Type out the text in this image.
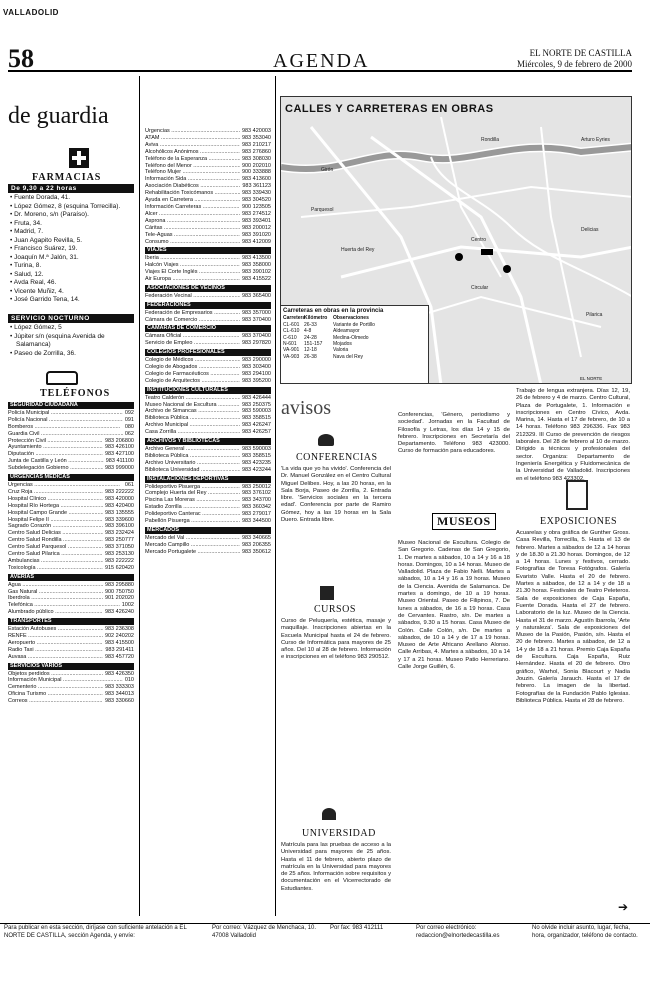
VALLADOLID
58	AGENDA	EL NORTE DE CASTILLA
Miércoles, 9 de febrero de 2000
de guardia
FARMACIAS
De 9,30 a 22 horas
• Fuente Dorada, 41.
• López Gómez, 8 (esquina Torrecilla).
• Dr. Moreno, s/n (Paraíso).
• Fruta, 34.
• Madrid, 7.
• Juan Agapito Revilla, 5.
• Francisco Suárez, 19.
• Joaquín M.ª Jalón, 31.
• Turina, 8.
• Salud, 12.
• Avda Real, 46.
• Vicente Muñiz, 4.
• José Garrido Tena, 14.
SERVICIO NOCTURNO
• López Gómez, 5
• Júpiter s/n (esquina Avenida de Salamanca)
• Paseo de Zorrilla, 36.
TELÉFONOS
SEGURIDAD CIUDADANA
Policía Municipal .....	092
Policía Nacional .....	091
Bomberos .....	080
Guardia Civil .....	062
Protección Civil .....	983 206800
Ayuntamiento .....	983 426100
Diputación .....	983 427100
Junta de Castilla y León .....	983 411100
Subdelegación Gobierno .....	983 999000
URGENCIAS MÉDICAS
Urgencias .....	061
Cruz Roja .....	983 222222
Hospital Clínico .....	983 420000
Hospital Río Hortega .....	983 420400
Hospital Campo Grande .....	983 135555
Hospital Felipe II .....	983 339600
Sagrado Corazón .....	983 396100
Centro Salud Delicias .....	983 232424
Centro Salud Rondilla .....	983 250777
Centro Salud Parquesol .....	983 371050
Centro Salud Pilarica .....	983 253130
Ambulancias .....	983 222222
Toxicología .....	915 620420
AVERÍAS
Agua .....	983 295880
Gas Natural .....	900 750750
Iberdrola .....	901 202020
Telefónica .....	1002
Alumbrado público .....	983 426240
TRANSPORTES
Estación Autobuses .....	983 236308
RENFE .....	902 240202
Aeropuerto .....	983 415500
Radio Taxi .....	983 291411
Auvasa .....	983 457720
SERVICIOS VARIOS
Objetos perdidos .....	983 426350
Información Municipal .....	010
Cementerio .....	983 333303
Oficina Turismo .....	983 344013
Correos .....	983 330660
Urgencias .....	983 420003
ATAM .....	983 353040
Aviva .....	983 210217
Alcohólicos Anónimos .....	983 276860
Teléfono de la Esperanza .....	983 308030
Teléfono del Menor .....	900 202010
Teléfono Mujer .....	900 333888
Información Sida .....	983 413600
Asociación Diabéticos .....	983 361123
Rehabilitación Toxicómanos .....	983 339430
Ayuda en Carretera .....	983 304520
Información Carreteras .....	900 123505
Alcer .....	983 274512
Asprona .....	983 393401
Cáritas .....	983 200012
Tele-Aguas .....	983 391020
Consumo .....	983 412009
VIAJES
Iberia .....	983 413500
Halcón Viajes .....	983 358000
Viajes El Corte Inglés .....	983 390102
Air Europa .....	983 415522
ASOCIACIONES DE VECINOS
Federación Vecinal .....	983 365400
FEDERACIONES
Federación de Empresarios .....	983 357000
Cámara de Comercio .....	983 370400
CÁMARAS DE COMERCIO
Cámara Oficial .....	983 370400
Servicio de Empleo .....	983 297820
COLEGIOS PROFESIONALES
Colegio de Médicos .....	983 290000
Colegio de Abogados .....	983 303400
Colegio de Farmacéuticos .....	983 294100
Colegio de Arquitectos .....	983 395200
INSTITUCIONES CULTURALES
Teatro Calderón .....	983 426444
Museo Nacional de Escultura .....	983 250375
Archivo de Simancas .....	983 590003
Biblioteca Pública .....	983 358515
Archivo Municipal .....	983 426247
Casa Zorrilla .....	983 426257
ARCHIVOS Y BIBLIOTECAS
Archivo General .....	983 590003
Biblioteca Pública .....	983 358515
Archivo Universitario .....	983 423235
Biblioteca Universidad .....	983 423244
INSTALACIONES DEPORTIVAS
Polideportivo Pisuerga .....	983 250012
Complejo Huerta del Rey .....	983 376102
Piscina Las Moreras .....	983 343700
Estadio Zorrilla .....	983 360342
Polideportivo Canterac .....	983 279017
Pabellón Pisuerga .....	983 344500
MERCADOS
Mercado del Val .....	983 340665
Mercado Campillo .....	983 206355
Mercado Portugalete .....	983 350612
CALLES Y CARRETERAS EN OBRAS
Parquesol
Huerta del Rey
Centro
Delicias
Pilarica
Circular
Arturo Eyries
Rondilla
Girón
Carreteras en obras en la provincia
Carretera
Kilómetro	Observaciones
CL-601 26-33	Variante de Portillo
CL-610 4-8	Aldeamayor
C-610	24-28	Medina-Olmedo
N-601	151-157	Mojados
VA-901 12-18	Valoria
VA-903 26-38	Nava del Rey
EL NORTE
avisos
CONFERENCIAS
'La vida que yo ha vivido'. Conferencia del Dr. Manuel González en el Centro Cultural Miguel Delibes. Hoy, a las 20 horas, en la Sala Borja, Paseo de Zorrilla, 2. Entrada libre. 'Servicios sociales en la tercera edad'. Conferencia por parte de Ramiro Gómez, hoy a las 19 horas en la Sala Duero. Entrada libre.
CURSOS
Curso de Peluquería, estética, masaje y maquillaje. Inscripciones abiertas en la Escuela Municipal hasta el 24 de febrero. Curso de Informática para mayores de 25 años. Del 10 al 28 de febrero. Información e inscripciones en el teléfono 983 290512.
UNIVERSIDAD
Matrícula para las pruebas de acceso a la Universidad para mayores de 25 años. Hasta el 11 de febrero, abierto plazo de matrícula en la Universidad para mayores de 25 años. Información sobre requisitos y documentación en el Vicerrectorado de Estudiantes.
Conferencias, 'Género, periodismo y sociedad'. Jornadas en la Facultad de Filosofía y Letras, los días 14 y 15 de febrero. Inscripciones en Secretaría del Departamento. Teléfono 983 423000. Curso de formación para educadores.
MUSEOS
Museo Nacional de Escultura. Colegio de San Gregorio. Cadenas de San Gregorio, 1. De martes a sábados, 10 a 14 y 16 a 18 horas. Domingos, 10 a 14 horas. Museo de Valladolid. Plaza de Fabio Nelli. Martes a sábados, 10 a 14 y 16 a 19 horas. Museo de la Ciencia. Avenida de Salamanca. De martes a domingo, de 10 a 19 horas. Museo Oriental. Paseo de Filipinos, 7. De lunes a sábados, de 16 a 19 horas. Casa de Cervantes. Rastro, s/n. De martes a sábados, 9.30 a 15 horas. Casa Museo de Colón. Calle Colón, s/n. De martes a sábados, de 10 a 14 y de 17 a 19 horas. Museo de Arte Africano Arellano Alonso. Calle Arribas, 4. Martes a sábados, 10 a 14 y 17 a 21 horas. Museo Patio Herreriano. Calle Jorge Guillén, 6.
Trabajo de lengua extranjera. Días 12, 19, 26 de febrero y 4 de marzo. Centro Cultural, Plaza de Portugalete, 1. Información e inscripciones en Centro Cívico, Avda. Marina, 14. Hasta el 17 de febrero, de 10 a 14 horas. Teléfono 983 296336. Fax 983 212329. III Curso de prevención de riesgos laborales. Del 28 de febrero al 10 de marzo. Dirigido a técnicos y profesionales del sector. Organiza: Departamento de Ingeniería Energética y Fluidomecánica de la Universidad de Valladolid. Inscripciones en el teléfono 983 423302.
EXPOSICIONES
Acuarelas y obra gráfica de Gunther Gross. Casa Revilla, Torrecilla, 5. Hasta el 13 de febrero. Martes a sábados de 12 a 14 horas y de 18.30 a 21.30 horas. Domingos, de 12 a 14 horas. Lunes y festivos, cerrado. Fotografías de Toresa Fotógrafos. Galería Evaristo Valle. Hasta el 20 de febrero. Martes a sábados, de 12 a 14 y de 18 a 21.30 horas. Festivales de Teatro Peleteros. Sala de exposiciones de Caja España, Fuente Dorada. Hasta el 27 de febrero. Laboratorio de la luz. Museo de la Ciencia. Hasta el 31 de marzo. Agustín Ibarrola, 'Arte y naturaleza'. Sala de exposiciones del Museo de la Pasión, Pasión, s/n. Hasta el 20 de febrero. Martes a sábados, de 12 a 14 y de 18 a 21 horas. Premio Caja España de Escultura. Caja España, Ruiz Hernández. Hasta el 20 de febrero. Otro gráfico, Warhol, Sonia Blacourt y Nadia Jouzin. Galería Jarauch. Hasta el 17 de febrero. La imagen de la libertad. Fotografías de la Fundación Pablo Iglesias. Biblioteca Pública. Hasta el 28 de febrero.
➔
Para publicar en esta sección, diríjase con suficiente antelación a EL NORTE DE CASTILLA, sección Agenda, y envíe:
Por correo: Vázquez de Menchaca, 10. 47008 Valladolid
Por fax: 983 412111	Por correo electrónico: redaccion@elnortedecastilla.es
No olvide incluir asunto, lugar, fecha, hora, organizador, teléfono de contacto.
